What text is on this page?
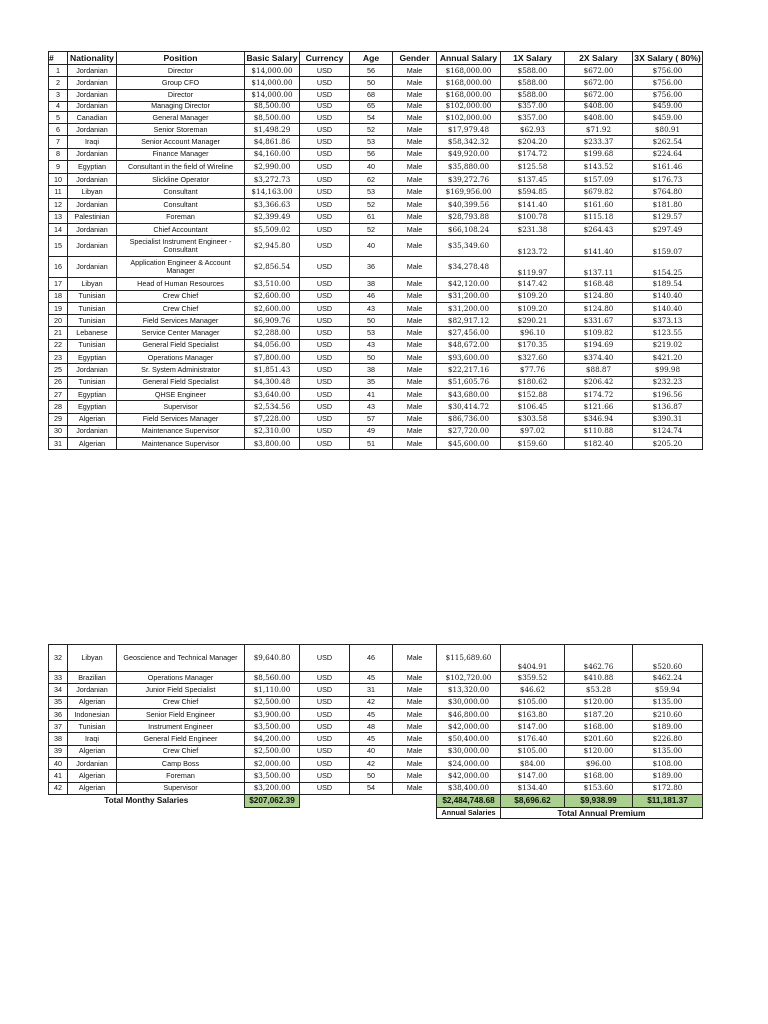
#	Nationality	Position	Basic Salary	Currency	Age	Gender	Annual Salary	1X Salary	2X Salary	3X Salary ( 80%)
1	Jordanian	Director	$14,000.00	USD	56	Male	$168,000.00	$588.00	$672.00	$756.00
2	Jordanian	Group CFO	$14,000.00	USD	50	Male	$168,000.00	$588.00	$672.00	$756.00
3	Jordanian	Director	$14,000.00	USD	68	Male	$168,000.00	$588.00	$672.00	$756.00
4	Jordanian	Managing Director	$8,500.00	USD	65	Male	$102,000.00	$357.00	$408.00	$459.00
5	Canadian	General Manager	$8,500.00	USD	54	Male	$102,000.00	$357.00	$408.00	$459.00
6	Jordanian	Senior Storeman	$1,498.29	USD	52	Male	$17,979.48	$62.93	$71.92	$80.91
7	Iraqi	Senior Account Manager	$4,861.86	USD	53	Male	$58,342.32	$204.20	$233.37	$262.54
8	Jordanian	Finance Manager	$4,160.00	USD	56	Male	$49,920.00	$174.72	$199.68	$224.64
9	Egyptian	Consultant in the field of Wireline	$2,990.00	USD	40	Male	$35,880.00	$125.58	$143.52	$161.46
10	Jordanian	Slickline Operator	$3,272.73	USD	62	Male	$39,272.76	$137.45	$157.09	$176.73
11	Libyan	Consultant	$14,163.00	USD	53	Male	$169,956.00	$594.85	$679.82	$764.80
12	Jordanian	Consultant	$3,366.63	USD	52	Male	$40,399.56	$141.40	$161.60	$181.80
13	Palestinian	Foreman	$2,399.49	USD	61	Male	$28,793.88	$100.78	$115.18	$129.57
14	Jordanian	Chief Accountant	$5,509.02	USD	52	Male	$66,108.24	$231.38	$264.43	$297.49
15	Jordanian	Specialist Instrument Engineer - Consultant	$2,945.80	USD	40	Male	$35,349.60	$123.72	$141.40	$159.07
16	Jordanian	Application Engineer & Account Manager	$2,856.54	USD	36	Male	$34,278.48	$119.97	$137.11	$154.25
17	Libyan	Head of Human Resources	$3,510.00	USD	38	Male	$42,120.00	$147.42	$168.48	$189.54
18	Tunisian	Crew Chief	$2,600.00	USD	46	Male	$31,200.00	$109.20	$124.80	$140.40
19	Tunisian	Crew Chief	$2,600.00	USD	43	Male	$31,200.00	$109.20	$124.80	$140.40
20	Tunisian	Field Services Manager	$6,909.76	USD	50	Male	$82,917.12	$290.21	$331.67	$373.13
21	Lebanese	Service Center Manager	$2,288.00	USD	53	Male	$27,456.00	$96.10	$109.82	$123.55
22	Tunisian	General Field Specialist	$4,056.00	USD	43	Male	$48,672.00	$170.35	$194.69	$219.02
23	Egyptian	Operations Manager	$7,800.00	USD	50	Male	$93,600.00	$327.60	$374.40	$421.20
25	Jordanian	Sr. System Administrator	$1,851.43	USD	38	Male	$22,217.16	$77.76	$88.87	$99.98
26	Tunisian	General Field Specialist	$4,300.48	USD	35	Male	$51,605.76	$180.62	$206.42	$232.23
27	Egyptian	QHSE Engineer	$3,640.00	USD	41	Male	$43,680.00	$152.88	$174.72	$196.56
28	Egyptian	Supervisor	$2,534.56	USD	43	Male	$30,414.72	$106.45	$121.66	$136.87
29	Algerian	Field Services Manager	$7,228.00	USD	57	Male	$86,736.00	$303.58	$346.94	$390.31
30	Jordanian	Maintenance Supervisor	$2,310.00	USD	49	Male	$27,720.00	$97.02	$110.88	$124.74
31	Algerian	Maintenance Supervisor	$3,800.00	USD	51	Male	$45,600.00	$159.60	$182.40	$205.20
32	Libyan	Geoscience and Technical Manager	$9,640.80	USD	46	Male	$115,689.60	$404.91	$462.76	$520.60
33	Brazilian	Operations Manager	$8,560.00	USD	45	Male	$102,720.00	$359.52	$410.88	$462.24
34	Jordanian	Junior Field Specialist	$1,110.00	USD	31	Male	$13,320.00	$46.62	$53.28	$59.94
35	Algerian	Crew Chief	$2,500.00	USD	42	Male	$30,000.00	$105.00	$120.00	$135.00
36	Indonesian	Senior Field Engineer	$3,900.00	USD	45	Male	$46,800.00	$163.80	$187.20	$210.60
37	Tunisian	Instrument Engineer	$3,500.00	USD	48	Male	$42,000.00	$147.00	$168.00	$189.00
38	Iraqi	General Field Engineer	$4,200.00	USD	45	Male	$50,400.00	$176.40	$201.60	$226.80
39	Algerian	Crew Chief	$2,500.00	USD	40	Male	$30,000.00	$105.00	$120.00	$135.00
40	Jordanian	Camp Boss	$2,000.00	USD	42	Male	$24,000.00	$84.00	$96.00	$108.00
41	Algerian	Foreman	$3,500.00	USD	50	Male	$42,000.00	$147.00	$168.00	$189.00
42	Algerian	Supervisor	$3,200.00	USD	54	Male	$38,400.00	$134.40	$153.60	$172.80
Total Monthy Salaries			$207,062.39				$2,484,748.68	$8,696.62	$9,938.99	$11,181.37
							Annual Salaries	Total Annual Premium		
